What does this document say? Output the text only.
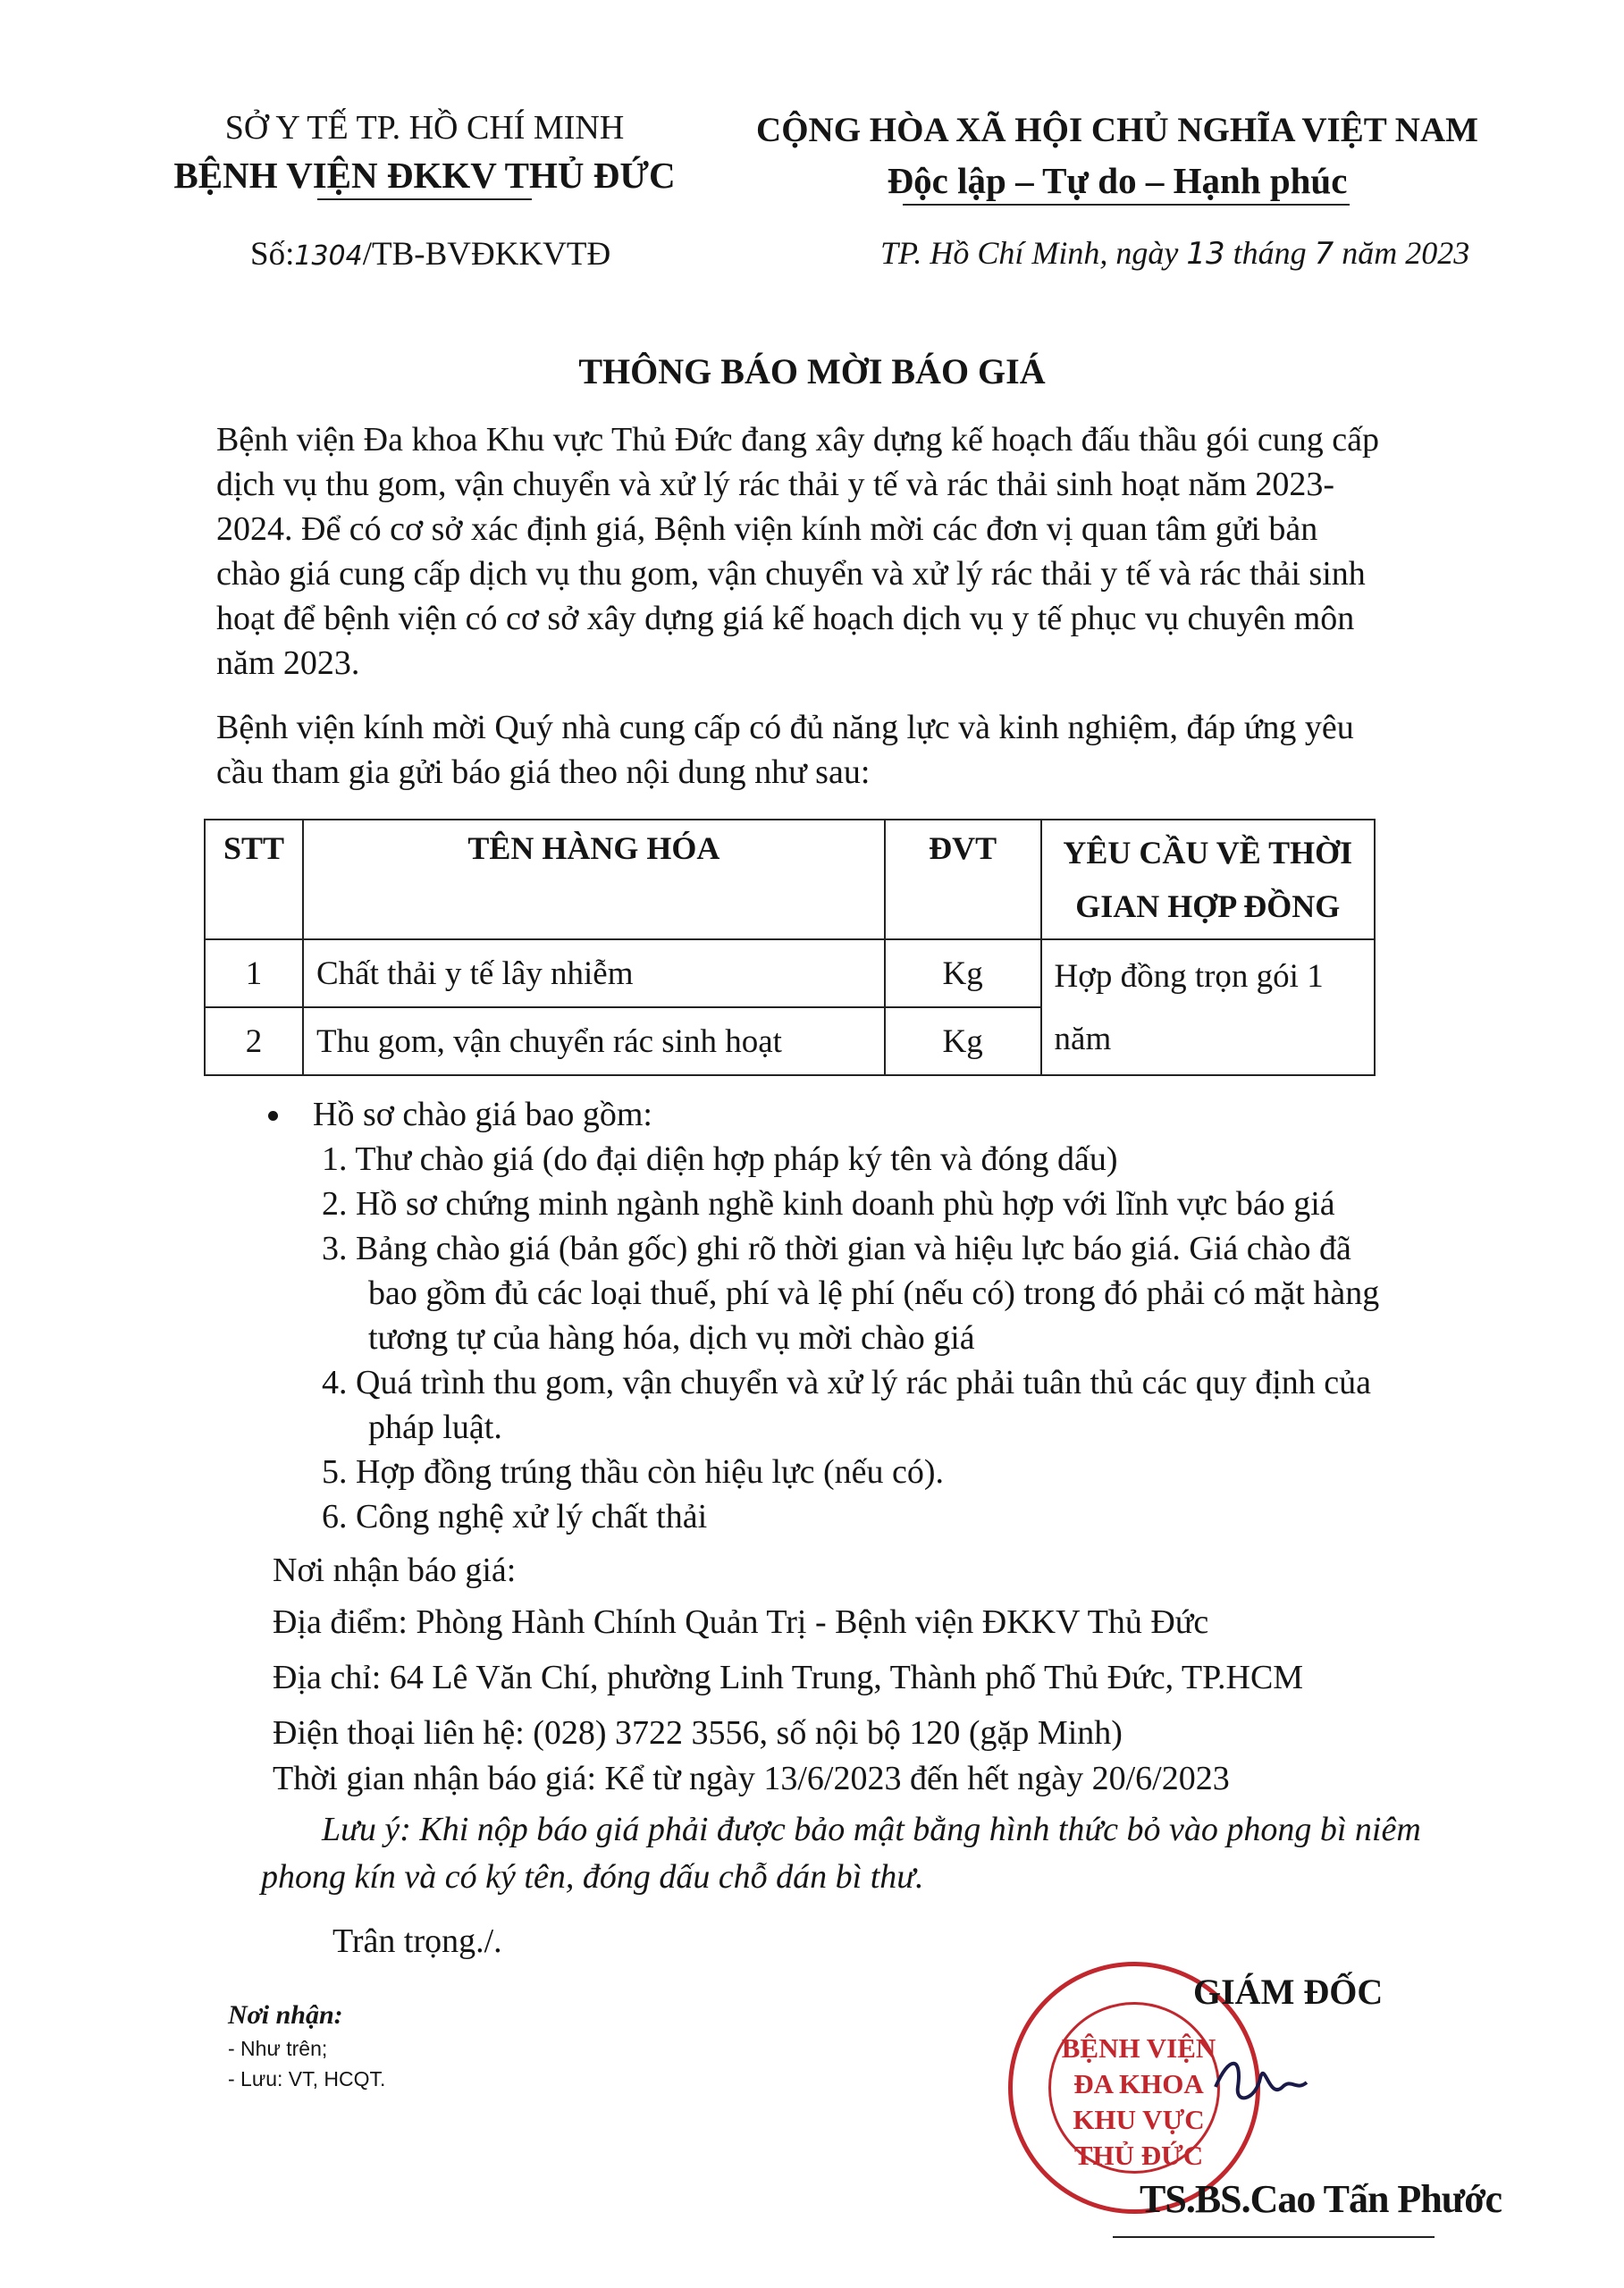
SỞ Y TẾ TP. HỒ CHÍ MINH
BỆNH VIỆN ĐKKV THỦ ĐỨC
CỘNG HÒA XÃ HỘI CHỦ NGHĨA VIỆT NAM
Độc lập – Tự do – Hạnh phúc
Số:1304/TB-BVĐKKVTĐ	TP. Hồ Chí Minh, ngày 13 tháng 7 năm 2023
THÔNG BÁO MỜI BÁO GIÁ
Bệnh viện Đa khoa Khu vực Thủ Đức đang xây dựng kế hoạch đấu thầu gói cung cấp
dịch vụ thu gom, vận chuyển và xử lý rác thải y tế và rác thải sinh hoạt năm 2023-
2024. Để có cơ sở xác định giá, Bệnh viện kính mời các đơn vị quan tâm gửi bản
chào giá cung cấp dịch vụ thu gom, vận chuyển và xử lý rác thải y tế và rác thải sinh
hoạt để bệnh viện có cơ sở xây dựng giá kế hoạch dịch vụ y tế phục vụ chuyên môn
năm 2023.
Bệnh viện kính mời Quý nhà cung cấp có đủ năng lực và kinh nghiệm, đáp ứng yêu
cầu tham gia gửi báo giá theo nội dung như sau:
STT	TÊN HÀNG HÓA	ĐVT	YÊU CẦU VỀ THỜI
GIAN HỢP ĐỒNG

1	Chất thải y tế lây nhiễm	Kg	Hợp đồng trọn gói 1
năm

2	Thu gom, vận chuyển rác sinh hoạt	Kg	
Hồ sơ chào giá bao gồm:
1. Thư chào giá (do đại diện hợp pháp ký tên và đóng dấu)
2. Hồ sơ chứng minh ngành nghề kinh doanh phù hợp với lĩnh vực báo giá
3. Bảng chào giá (bản gốc) ghi rõ thời gian và hiệu lực báo giá. Giá chào đã
bao gồm đủ các loại thuế, phí và lệ phí (nếu có) trong đó phải có mặt hàng
tương tự của hàng hóa, dịch vụ mời chào giá
4. Quá trình thu gom, vận chuyển và xử lý rác phải tuân thủ các quy định của
pháp luật.
5. Hợp đồng trúng thầu còn hiệu lực (nếu có).
6. Công nghệ xử lý chất thải
Nơi nhận báo giá:
Địa điểm: Phòng Hành Chính Quản Trị - Bệnh viện ĐKKV Thủ Đức
Địa chỉ: 64 Lê Văn Chí, phường Linh Trung, Thành phố Thủ Đức, TP.HCM
Điện thoại liên hệ: (028) 3722 3556, số nội bộ 120 (gặp Minh)
Thời gian nhận báo giá: Kể từ ngày 13/6/2023 đến hết ngày 20/6/2023
Lưu ý: Khi nộp báo giá phải được bảo mật bằng hình thức bỏ vào phong bì niêm
phong kín và có ký tên, đóng dấu chỗ dán bì thư.
Trân trọng./.
Nơi nhận:
- Như trên;
- Lưu: VT, HCQT.
BỆNH VIỆN
ĐA KHOA
KHU VỰC
THỦ ĐỨC
GIÁM ĐỐC
TS.BS.Cao Tấn Phước
